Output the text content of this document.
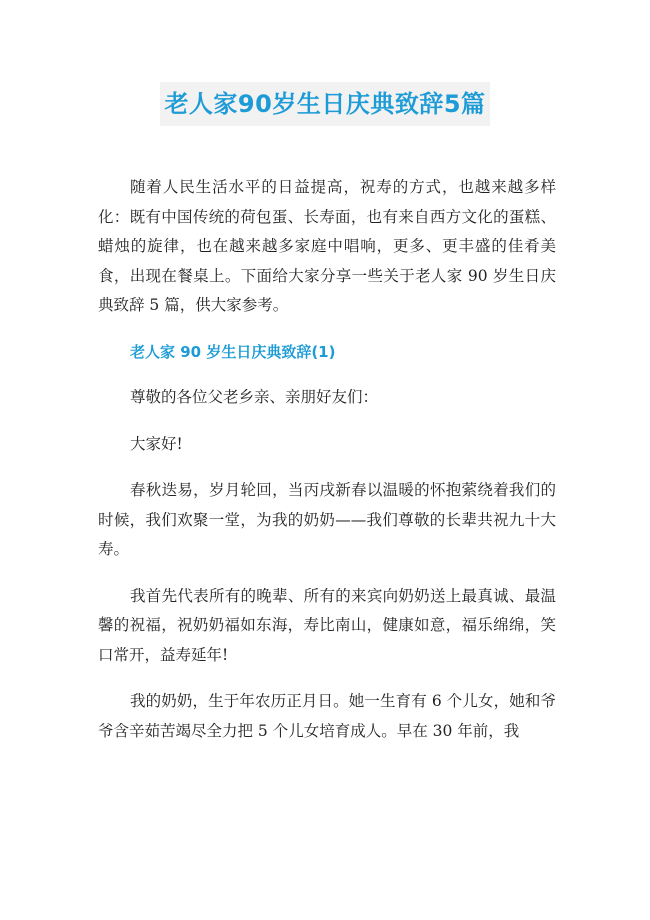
老人家90岁生日庆典致辞5篇

随着人民生活水平的日益提高，祝寿的方式，也越来越多样化：既有中国传统的荷包蛋、长寿面，也有来自西方文化的蛋糕、蜡烛的旋律，也在越来越多家庭中唱响，更多、更丰盛的佳肴美食，出现在餐桌上。下面给大家分享一些关于老人家 90 岁生日庆典致辞 5 篇，供大家参考。

老人家 90 岁生日庆典致辞(1)

尊敬的各位父老乡亲、亲朋好友们：

大家好!

春秋迭易，岁月轮回，当丙戌新春以温暖的怀抱萦绕着我们的时候，我们欢聚一堂，为我的奶奶——我们尊敬的长辈共祝九十大寿。

我首先代表所有的晚辈、所有的来宾向奶奶送上最真诚、最温馨的祝福，祝奶奶福如东海，寿比南山，健康如意，福乐绵绵，笑口常开，益寿延年!

我的奶奶，生于年农历正月日。她一生育有 6 个儿女，她和爷爷含辛茹苦竭尽全力把 5 个儿女培育成人。早在 30 年前，我
